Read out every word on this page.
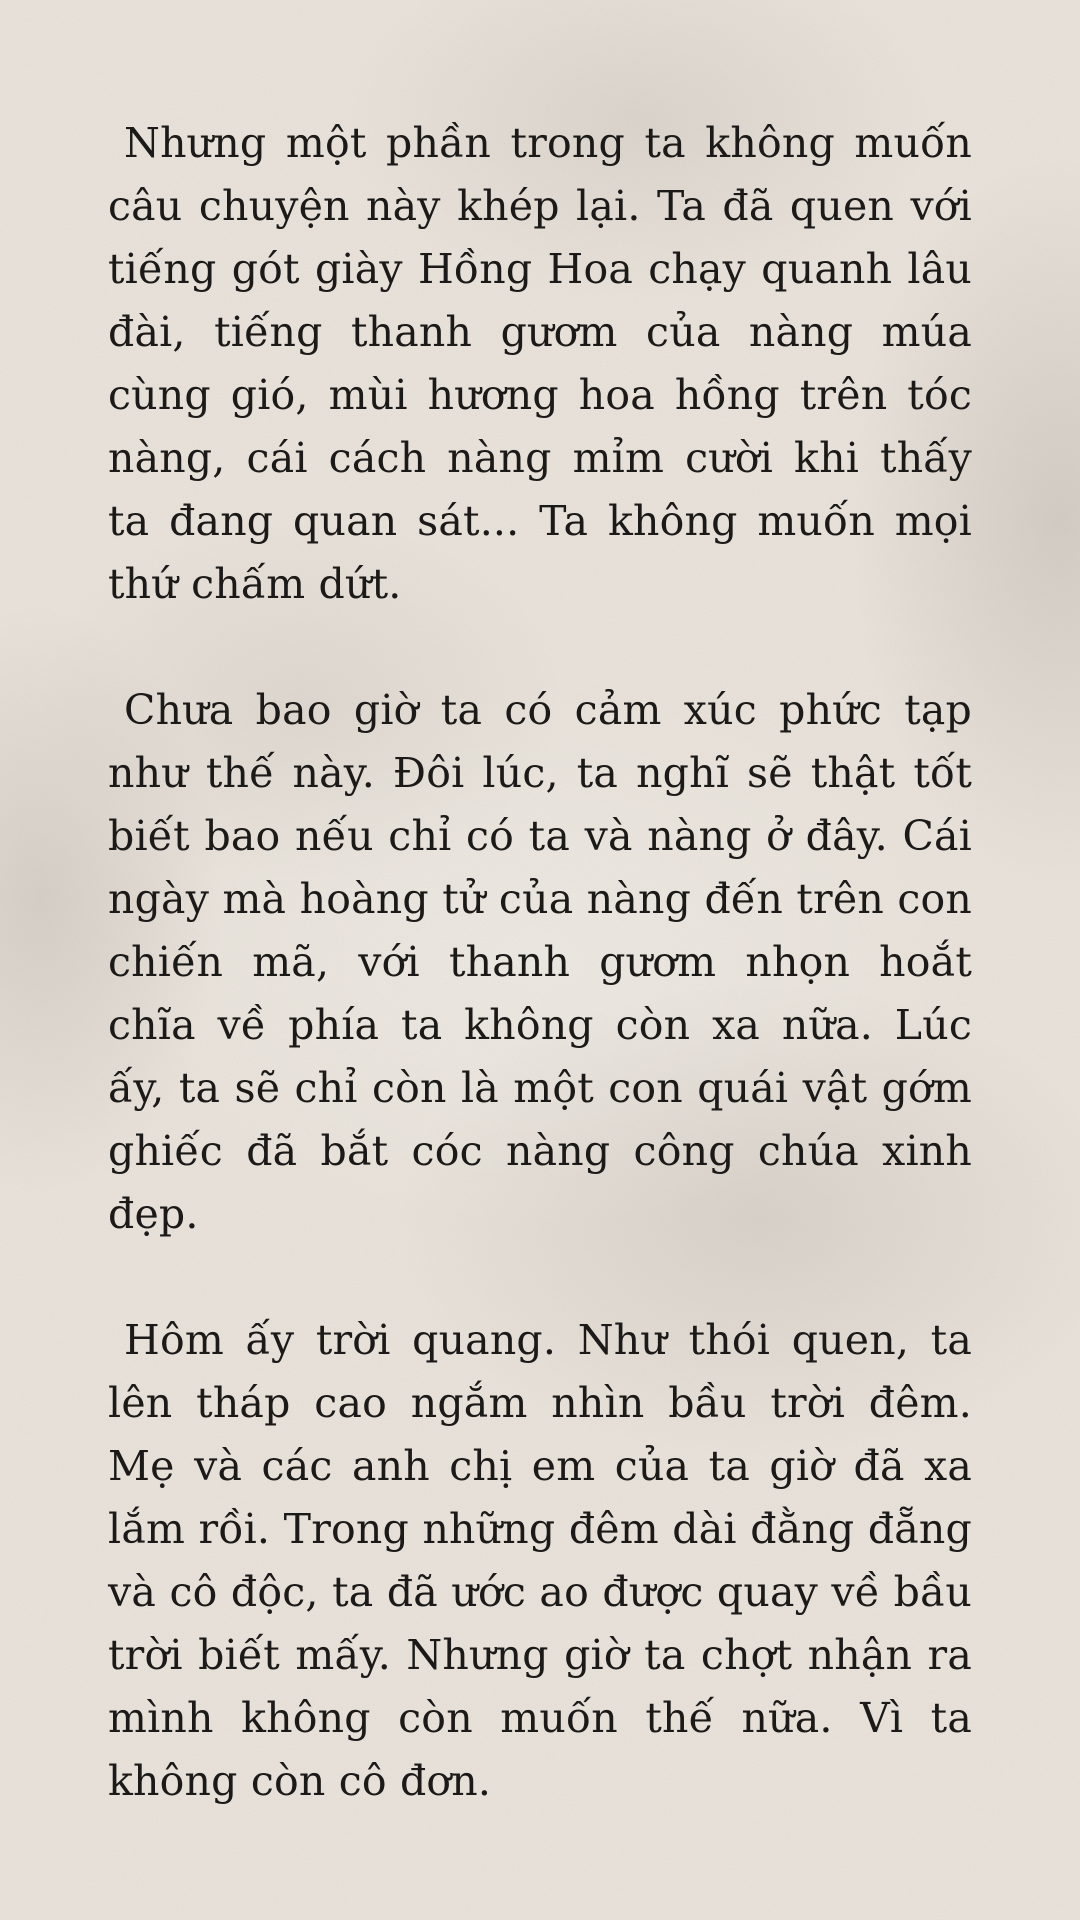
Nhưng một phần trong ta không muốn câu chuyện này khép lại. Ta đã quen với tiếng gót giày Hồng Hoa chạy quanh lâu đài, tiếng thanh gươm của nàng múa cùng gió, mùi hương hoa hồng trên tóc nàng, cái cách nàng mỉm cười khi thấy ta đang quan sát... Ta không muốn mọi thứ chấm dứt.

Chưa bao giờ ta có cảm xúc phức tạp như thế này. Đôi lúc, ta nghĩ sẽ thật tốt biết bao nếu chỉ có ta và nàng ở đây. Cái ngày mà hoàng tử của nàng đến trên con chiến mã, với thanh gươm nhọn hoắt chĩa về phía ta không còn xa nữa. Lúc ấy, ta sẽ chỉ còn là một con quái vật gớm ghiếc đã bắt cóc nàng công chúa xinh đẹp.

Hôm ấy trời quang. Như thói quen, ta lên tháp cao ngắm nhìn bầu trời đêm. Mẹ và các anh chị em của ta giờ đã xa lắm rồi. Trong những đêm dài đằng đẵng và cô độc, ta đã ước ao được quay về bầu trời biết mấy. Nhưng giờ ta chợt nhận ra mình không còn muốn thế nữa. Vì ta không còn cô đơn.
